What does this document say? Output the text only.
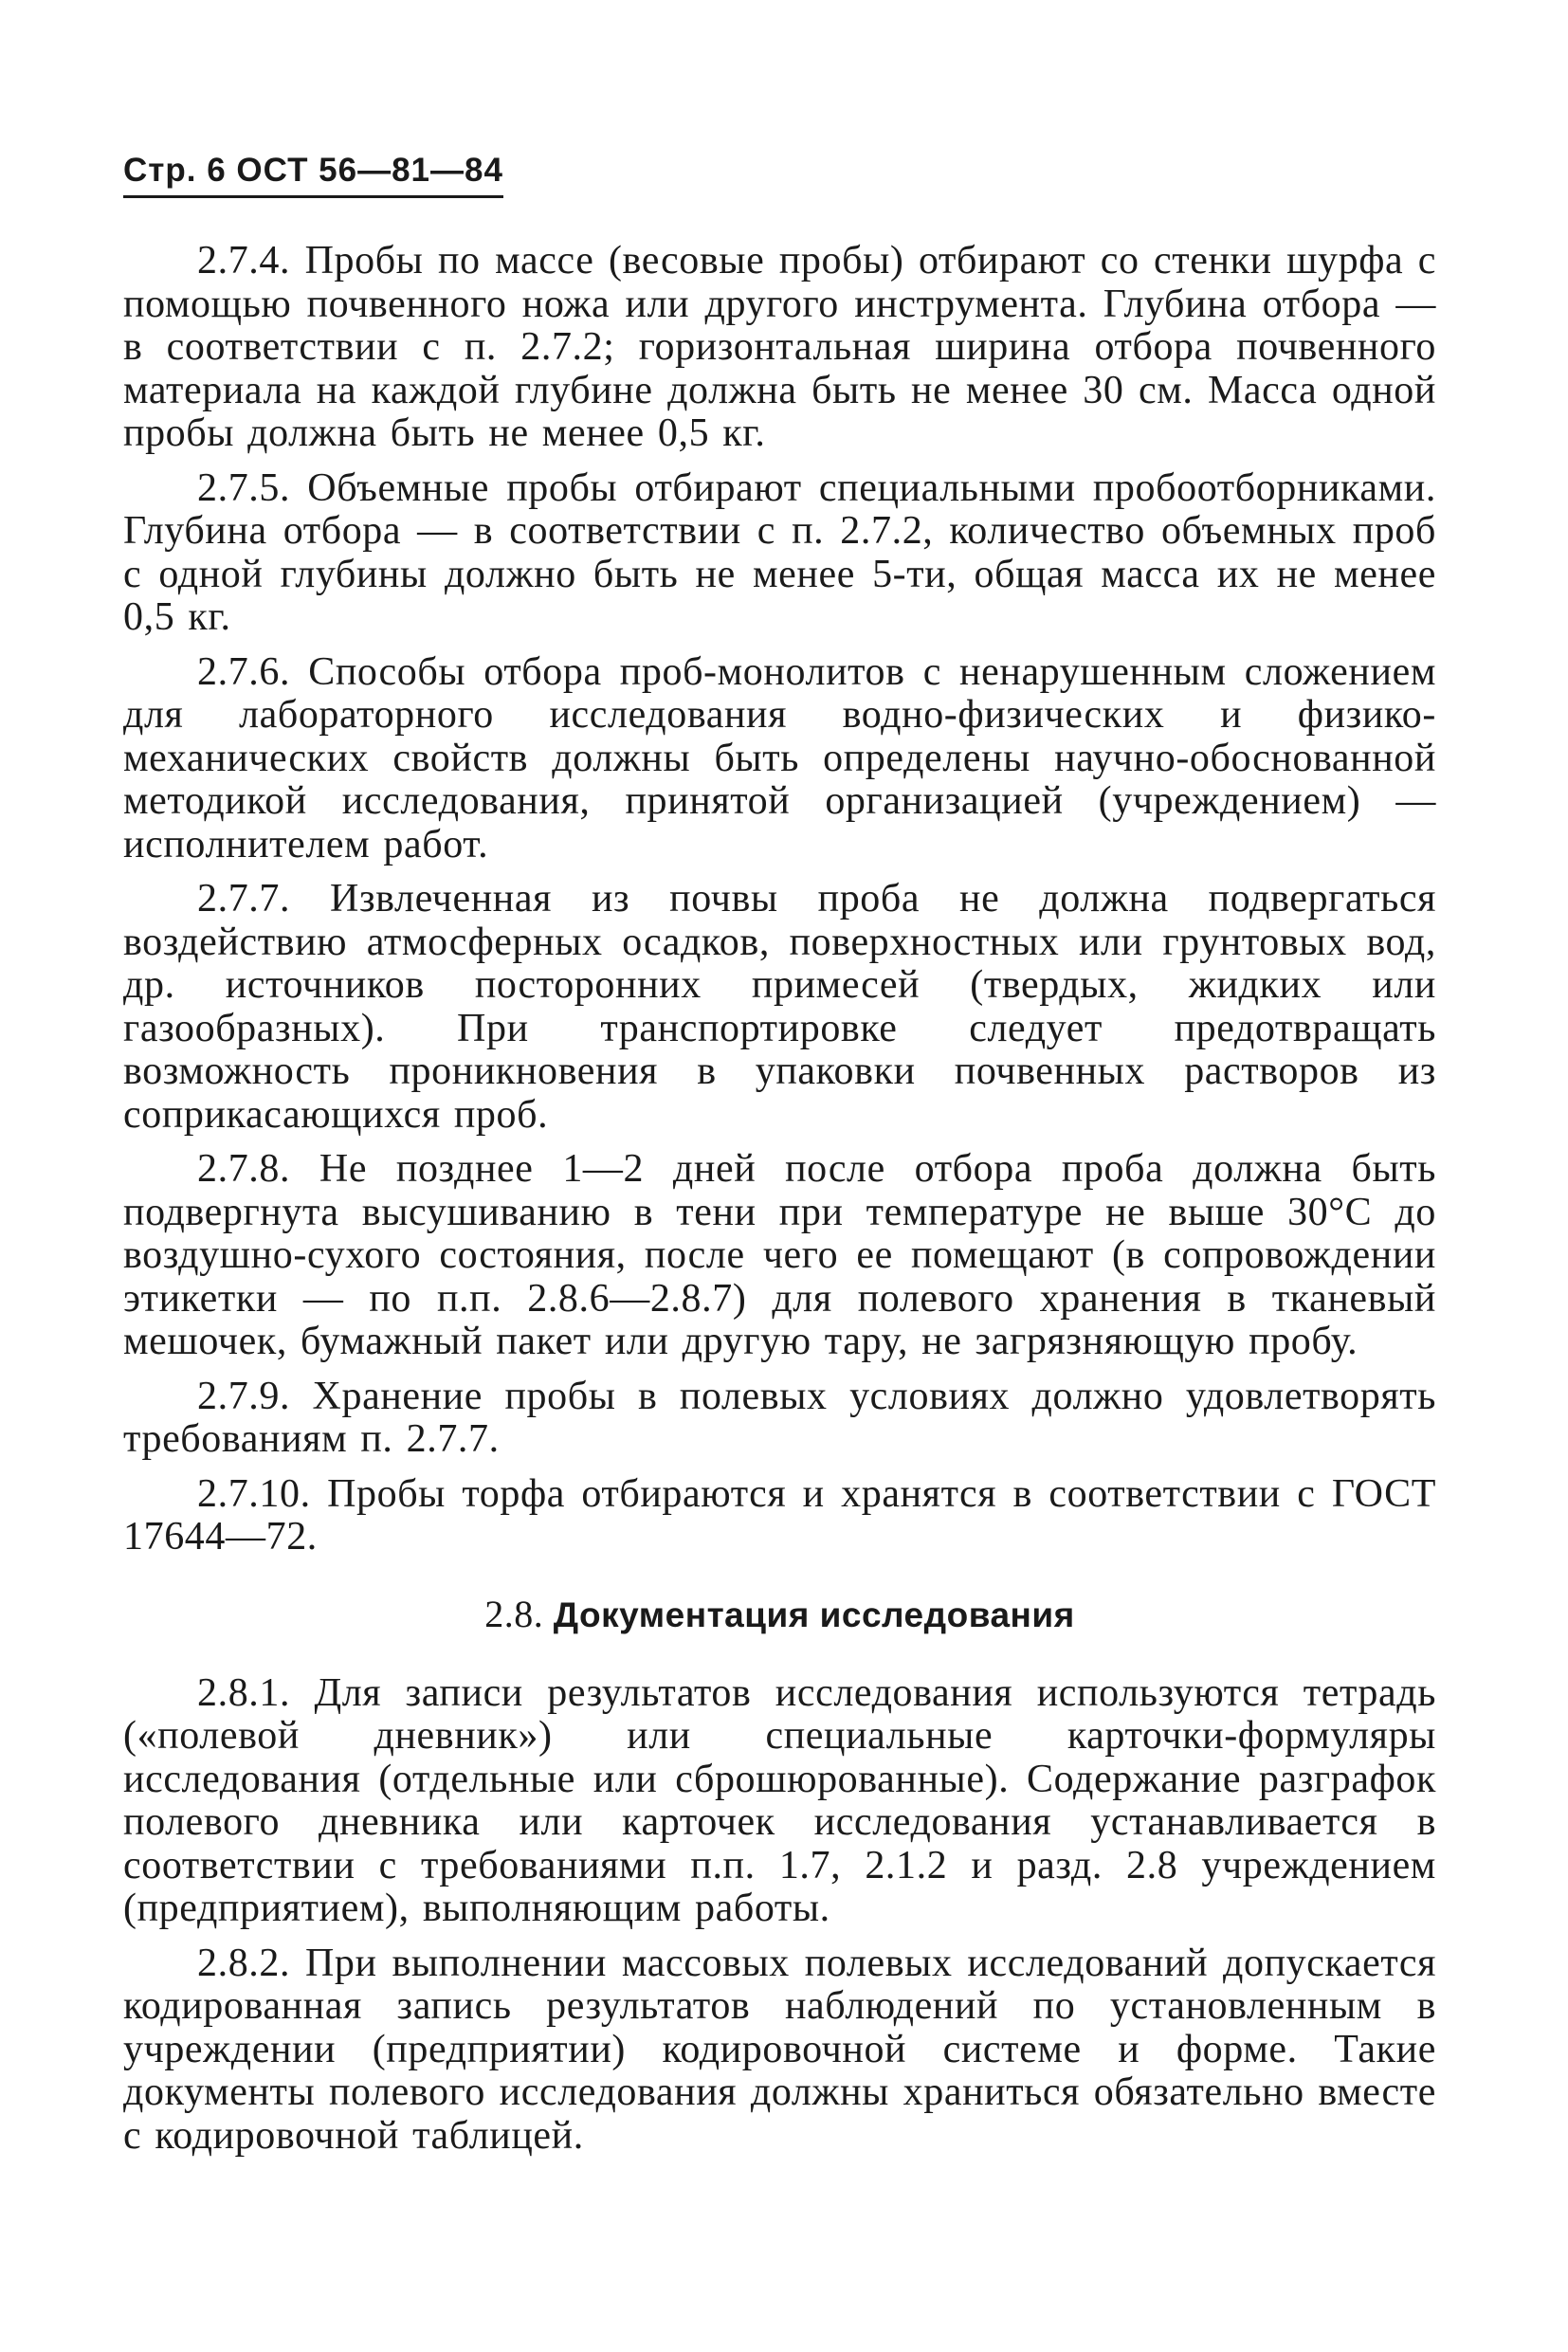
Стр. 6 ОСТ 56—81—84

2.7.4. Пробы по массе (весовые пробы) отбирают со стенки шурфа с помощью почвенного ножа или другого инструмента. Глубина отбора — в соответствии с п. 2.7.2; горизонтальная ширина отбора почвенного материала на каждой глубине должна быть не менее 30 см. Масса одной пробы должна быть не менее 0,5 кг.

2.7.5. Объемные пробы отбирают специальными пробоотборниками. Глубина отбора — в соответствии с п. 2.7.2, количество объемных проб с одной глубины должно быть не менее 5-ти, общая масса их не менее 0,5 кг.

2.7.6. Способы отбора проб-монолитов с ненарушенным сложением для лабораторного исследования водно-физических и физико-механических свойств должны быть определены научно-обоснованной методикой исследования, принятой организацией (учреждением) — исполнителем работ.

2.7.7. Извлеченная из почвы проба не должна подвергаться воздействию атмосферных осадков, поверхностных или грунтовых вод, др. источников посторонних примесей (твердых, жидких или газообразных). При транспортировке следует предотвращать возможность проникновения в упаковки почвенных растворов из соприкасающихся проб.

2.7.8. Не позднее 1—2 дней после отбора проба должна быть подвергнута высушиванию в тени при температуре не выше 30°С до воздушно-сухого состояния, после чего ее помещают (в сопровождении этикетки — по п.п. 2.8.6—2.8.7) для полевого хранения в тканевый мешочек, бумажный пакет или другую тару, не загрязняющую пробу.

2.7.9. Хранение пробы в полевых условиях должно удовлетворять требованиям п. 2.7.7.

2.7.10. Пробы торфа отбираются и хранятся в соответствии с ГОСТ 17644—72.

2.8. Документация исследования

2.8.1. Для записи результатов исследования используются тетрадь («полевой дневник») или специальные карточки-формуляры исследования (отдельные или сброшюрованные). Содержание разграфок полевого дневника или карточек исследования устанавливается в соответствии с требованиями п.п. 1.7, 2.1.2 и разд. 2.8 учреждением (предприятием), выполняющим работы.

2.8.2. При выполнении массовых полевых исследований допускается кодированная запись результатов наблюдений по установленным в учреждении (предприятии) кодировочной системе и форме. Такие документы полевого исследования должны храниться обязательно вместе с кодировочной таблицей.
